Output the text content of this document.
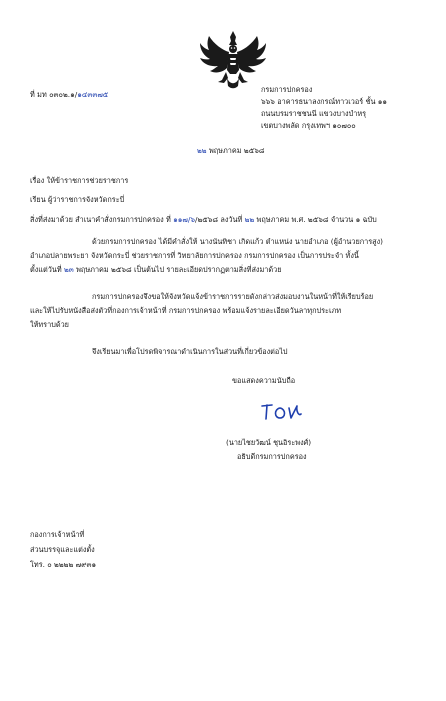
ที่ มท ๐๓๐๒.๑/๑๔๓๓๗๕
กรมการปกครอง
๖๖๖ อาคารธนาลงกรณ์ทาวเวอร์ ชั้น ๑๑
ถนนบรมราชชนนี แขวงบางบำหรุ
เขตบางพลัด กรุงเทพฯ ๑๐๗๐๐
๒๒ พฤษภาคม ๒๕๖๘
เรื่อง ให้ข้าราชการช่วยราชการ
เรียน ผู้ว่าราชการจังหวัดกระบี่
สิ่งที่ส่งมาด้วย สำเนาคำสั่งกรมการปกครอง ที่ ๑๑๗/๖/๒๕๖๘ ลงวันที่ ๒๒ พฤษภาคม พ.ศ. ๒๕๖๘ จำนวน ๑ ฉบับ
ด้วยกรมการปกครอง ได้มีคำสั่งให้ นางนันทิชา เกิดแก้ว ตำแหน่ง นายอำเภอ (ผู้อำนวยการสูง)
อำเภอปลายพระยา จังหวัดกระบี่ ช่วยราชการที่ วิทยาลัยการปกครอง กรมการปกครอง เป็นการประจำ ทั้งนี้
ตั้งแต่วันที่ ๒๓ พฤษภาคม ๒๕๖๘ เป็นต้นไป รายละเอียดปรากฏตามสิ่งที่ส่งมาด้วย
กรมการปกครองจึงขอให้จังหวัดแจ้งข้าราชการรายดังกล่าวส่งมอบงานในหน้าที่ให้เรียบร้อย
และให้ไปรับหนังสือส่งตัวที่กองการเจ้าหน้าที่ กรมการปกครอง พร้อมแจ้งรายละเอียดวันลาทุกประเภท
ให้ทราบด้วย
จึงเรียนมาเพื่อโปรดพิจารณาดำเนินการในส่วนที่เกี่ยวข้องต่อไป
ขอแสดงความนับถือ
(นายไชยวัฒน์ ชุนอิระพงศ์)
อธิบดีกรมการปกครอง
กองการเจ้าหน้าที่
ส่วนบรรจุและแต่งตั้ง
โทร. ๐ ๒๒๒๒ ๗๙๓๑
